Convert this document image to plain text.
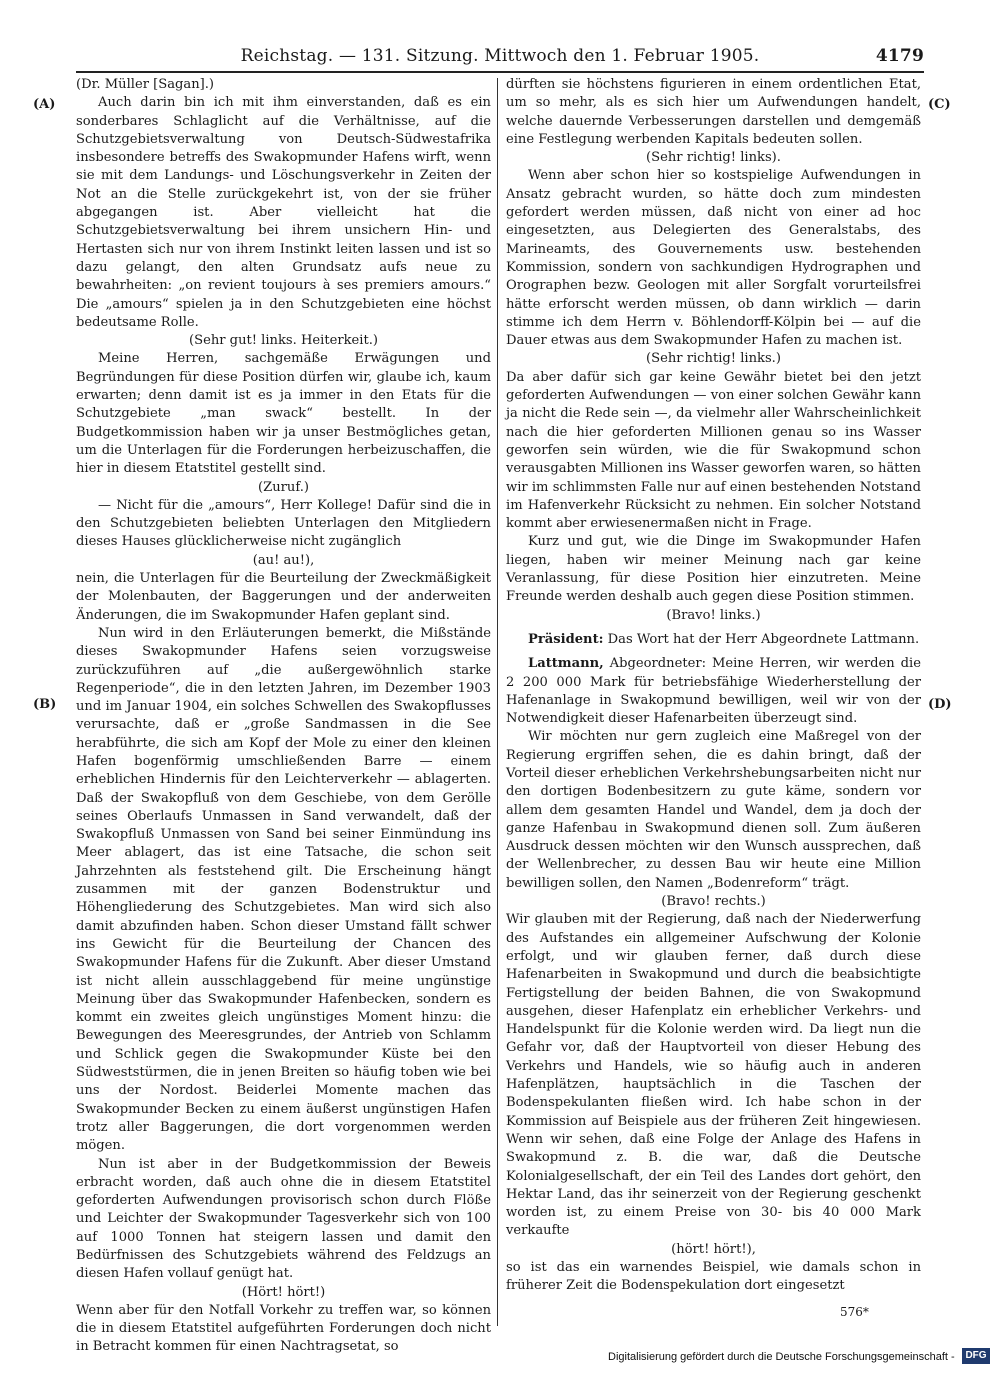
Reichstag. — 131. Sitzung. Mittwoch den 1. Februar 1905.	4179
(A)
(B)
(C)
(D)

(Dr. Müller [Sagan].)

Auch darin bin ich mit ihm einverstanden, daß es ein sonderbares Schlaglicht auf die Verhältnisse, auf die Schutzgebietsverwaltung von Deutsch-Südwestafrika insbesondere betreffs des Swakopmunder Hafens wirft, wenn sie mit dem Landungs- und Löschungsverkehr in Zeiten der Not an die Stelle zurückgekehrt ist, von der sie früher abgegangen ist. Aber vielleicht hat die Schutzgebietsverwaltung bei ihrem unsichern Hin- und Hertasten sich nur von ihrem Instinkt leiten lassen und ist so dazu gelangt, den alten Grundsatz aufs neue zu bewahrheiten: „on revient toujours à ses premiers amours.“ Die „amours“ spielen ja in den Schutzgebieten eine höchst bedeutsame Rolle.

(Sehr gut! links. Heiterkeit.)

Meine Herren, sachgemäße Erwägungen und Begründungen für diese Position dürfen wir, glaube ich, kaum erwarten; denn damit ist es ja immer in den Etats für die Schutzgebiete „man swack“ bestellt. In der Budgetkommission haben wir ja unser Bestmögliches getan, um die Unterlagen für die Forderungen herbeizuschaffen, die hier in diesem Etatstitel gestellt sind.

(Zuruf.)

— Nicht für die „amours“, Herr Kollege! Dafür sind die in den Schutzgebieten beliebten Unterlagen den Mitgliedern dieses Hauses glücklicherweise nicht zugänglich

(au! au!),

nein, die Unterlagen für die Beurteilung der Zweckmäßigkeit der Molenbauten, der Baggerungen und der anderweiten Änderungen, die im Swakopmunder Hafen geplant sind.

Nun wird in den Erläuterungen bemerkt, die Mißstände dieses Swakopmunder Hafens seien vorzugsweise zurückzuführen auf „die außergewöhnlich starke Regenperiode“, die in den letzten Jahren, im Dezember 1903 und im Januar 1904, ein solches Schwellen des Swakopflusses verursachte, daß er „große Sandmassen in die See herabführte, die sich am Kopf der Mole zu einer den kleinen Hafen bogenförmig umschließenden Barre — einem erheblichen Hindernis für den Leichterverkehr — ablagerten. Daß der Swakopfluß von dem Geschiebe, von dem Gerölle seines Oberlaufs Unmassen in Sand verwandelt, daß der Swakopfluß Unmassen von Sand bei seiner Einmündung ins Meer ablagert, das ist eine Tatsache, die schon seit Jahrzehnten als feststehend gilt. Die Erscheinung hängt zusammen mit der ganzen Bodenstruktur und Höhengliederung des Schutzgebietes. Man wird sich also damit abzufinden haben. Schon dieser Umstand fällt schwer ins Gewicht für die Beurteilung der Chancen des Swakopmunder Hafens für die Zukunft. Aber dieser Umstand ist nicht allein ausschlaggebend für meine ungünstige Meinung über das Swakopmunder Hafenbecken, sondern es kommt ein zweites gleich ungünstiges Moment hinzu: die Bewegungen des Meeresgrundes, der Antrieb von Schlamm und Schlick gegen die Swakopmunder Küste bei den Südweststürmen, die in jenen Breiten so häufig toben wie bei uns der Nordost. Beiderlei Momente machen das Swakopmunder Becken zu einem äußerst ungünstigen Hafen trotz aller Baggerungen, die dort vorgenommen werden mögen.

Nun ist aber in der Budgetkommission der Beweis erbracht worden, daß auch ohne die in diesem Etatstitel geforderten Aufwendungen provisorisch schon durch Flöße und Leichter der Swakopmunder Tagesverkehr sich von 100 auf 1000 Tonnen hat steigern lassen und damit den Bedürfnissen des Schutzgebiets während des Feldzugs an diesen Hafen vollauf genügt hat.

(Hört! hört!)

Wenn aber für den Notfall Vorkehr zu treffen war, so können die in diesem Etatstitel aufgeführten Forderungen doch nicht in Betracht kommen für einen Nachtragsetat, so

dürften sie höchstens figurieren in einem ordentlichen Etat, um so mehr, als es sich hier um Aufwendungen handelt, welche dauernde Verbesserungen darstellen und demgemäß eine Festlegung werbenden Kapitals bedeuten sollen.

(Sehr richtig! links).

Wenn aber schon hier so kostspielige Aufwendungen in Ansatz gebracht wurden, so hätte doch zum mindesten gefordert werden müssen, daß nicht von einer ad hoc eingesetzten, aus Delegierten des Generalstabs, des Marineamts, des Gouvernements usw. bestehenden Kommission, sondern von sachkundigen Hydrographen und Orographen bezw. Geologen mit aller Sorgfalt vorurteilsfrei hätte erforscht werden müssen, ob dann wirklich — darin stimme ich dem Herrn v. Böhlendorff-Kölpin bei — auf die Dauer etwas aus dem Swakopmunder Hafen zu machen ist.

(Sehr richtig! links.)

Da aber dafür sich gar keine Gewähr bietet bei den jetzt geforderten Aufwendungen — von einer solchen Gewähr kann ja nicht die Rede sein —, da vielmehr aller Wahrscheinlichkeit nach die hier geforderten Millionen genau so ins Wasser geworfen sein würden, wie die für Swakopmund schon verausgabten Millionen ins Wasser geworfen waren, so hätten wir im schlimmsten Falle nur auf einen bestehenden Notstand im Hafenverkehr Rücksicht zu nehmen. Ein solcher Notstand kommt aber erwiesenermaßen nicht in Frage.

Kurz und gut, wie die Dinge im Swakopmunder Hafen liegen, haben wir meiner Meinung nach gar keine Veranlassung, für diese Position hier einzutreten. Meine Freunde werden deshalb auch gegen diese Position stimmen.

(Bravo! links.)

Präsident: Das Wort hat der Herr Abgeordnete Lattmann.

Lattmann, Abgeordneter: Meine Herren, wir werden die 2 200 000 Mark für betriebsfähige Wiederherstellung der Hafenanlage in Swakopmund bewilligen, weil wir von der Notwendigkeit dieser Hafenarbeiten überzeugt sind.

Wir möchten nur gern zugleich eine Maßregel von der Regierung ergriffen sehen, die es dahin bringt, daß der Vorteil dieser erheblichen Verkehrshebungsarbeiten nicht nur den dortigen Bodenbesitzern zu gute käme, sondern vor allem dem gesamten Handel und Wandel, dem ja doch der ganze Hafenbau in Swakopmund dienen soll. Zum äußeren Ausdruck dessen möchten wir den Wunsch aussprechen, daß der Wellenbrecher, zu dessen Bau wir heute eine Million bewilligen sollen, den Namen „Bodenreform“ trägt.

(Bravo! rechts.)

Wir glauben mit der Regierung, daß nach der Niederwerfung des Aufstandes ein allgemeiner Aufschwung der Kolonie erfolgt, und wir glauben ferner, daß durch diese Hafenarbeiten in Swakopmund und durch die beabsichtigte Fertigstellung der beiden Bahnen, die von Swakopmund ausgehen, dieser Hafenplatz ein erheblicher Verkehrs- und Handelspunkt für die Kolonie werden wird. Da liegt nun die Gefahr vor, daß der Hauptvorteil von dieser Hebung des Verkehrs und Handels, wie so häufig auch in anderen Hafenplätzen, hauptsächlich in die Taschen der Bodenspekulanten fließen wird. Ich habe schon in der Kommission auf Beispiele aus der früheren Zeit hingewiesen. Wenn wir sehen, daß eine Folge der Anlage des Hafens in Swakopmund z. B. die war, daß die Deutsche Kolonialgesellschaft, der ein Teil des Landes dort gehört, den Hektar Land, das ihr seinerzeit von der Regierung geschenkt worden ist, zu einem Preise von 30- bis 40 000 Mark verkaufte

(hört! hört!),

so ist das ein warnendes Beispiel, wie damals schon in früherer Zeit die Bodenspekulation dort eingesetzt

576*
Digitalisierung gefördert durch die Deutsche Forschungsgemeinschaft -	DFG
